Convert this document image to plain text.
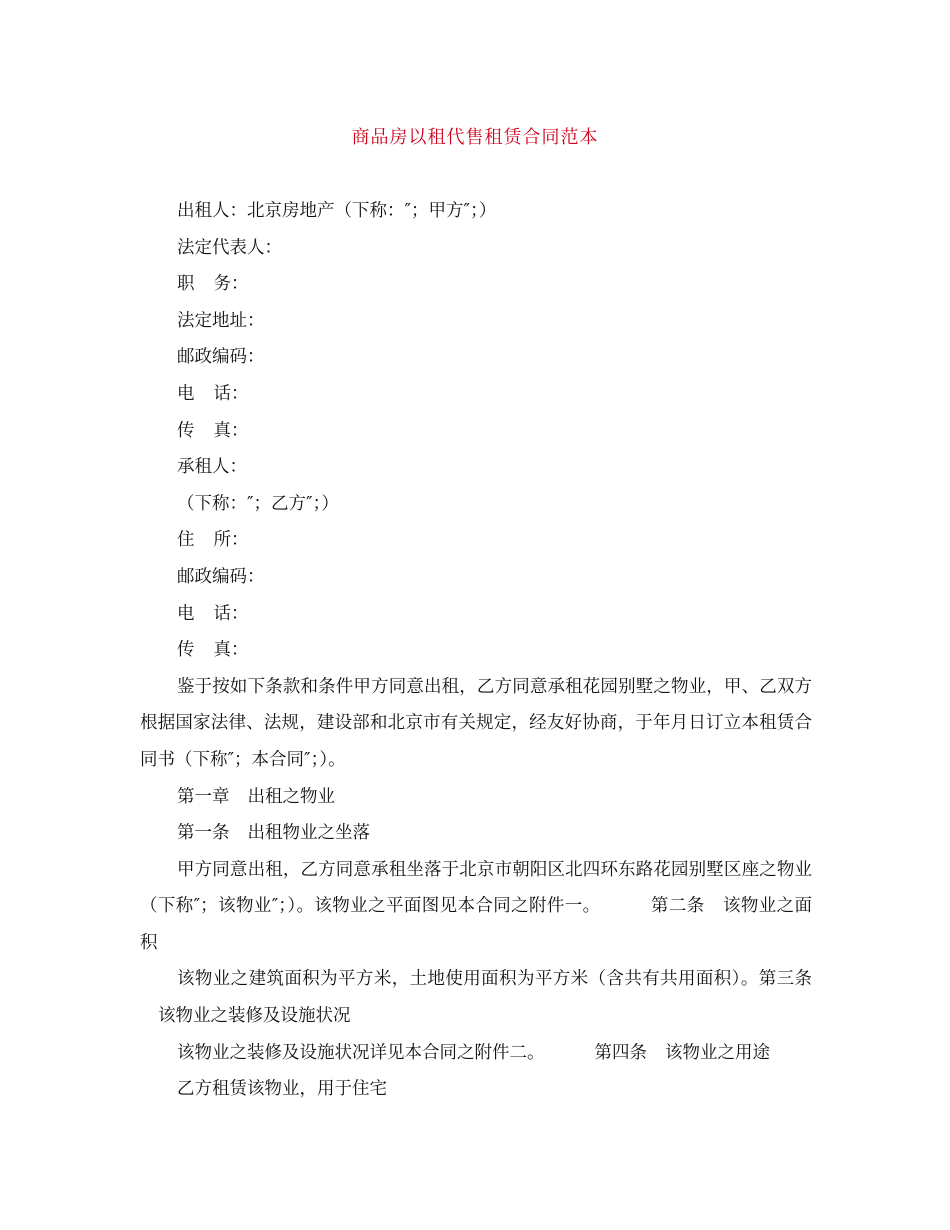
商品房以租代售租赁合同范本
出租人：北京房地产（下称：″；甲方″；）
法定代表人：
职 务：
法定地址：
邮政编码：
电 话：
传 真：
承租人：
（下称：″；乙方″；）
住 所：
邮政编码：
电 话：
传 真：

鉴于按如下条款和条件甲方同意出租，乙方同意承租花园别墅之物业，甲、乙双方根据国家法律、法规，建设部和北京市有关规定，经友好协商，于年月日订立本租赁合同书（下称″；本合同″；）。

第一章 出租之物业
第一条 出租物业之坐落

甲方同意出租，乙方同意承租坐落于北京市朝阳区北四环东路花园别墅区座之物业（下称″；该物业″；）。该物业之平面图见本合同之附件一。	第二条 该物业之面积

该物业之建筑面积为平方米，土地使用面积为平方米（含共有共用面积）。第三条该物业之装修及设施状况

该物业之装修及设施状况详见本合同之附件二。	第四条 该物业之用途
乙方租赁该物业，用于住宅
